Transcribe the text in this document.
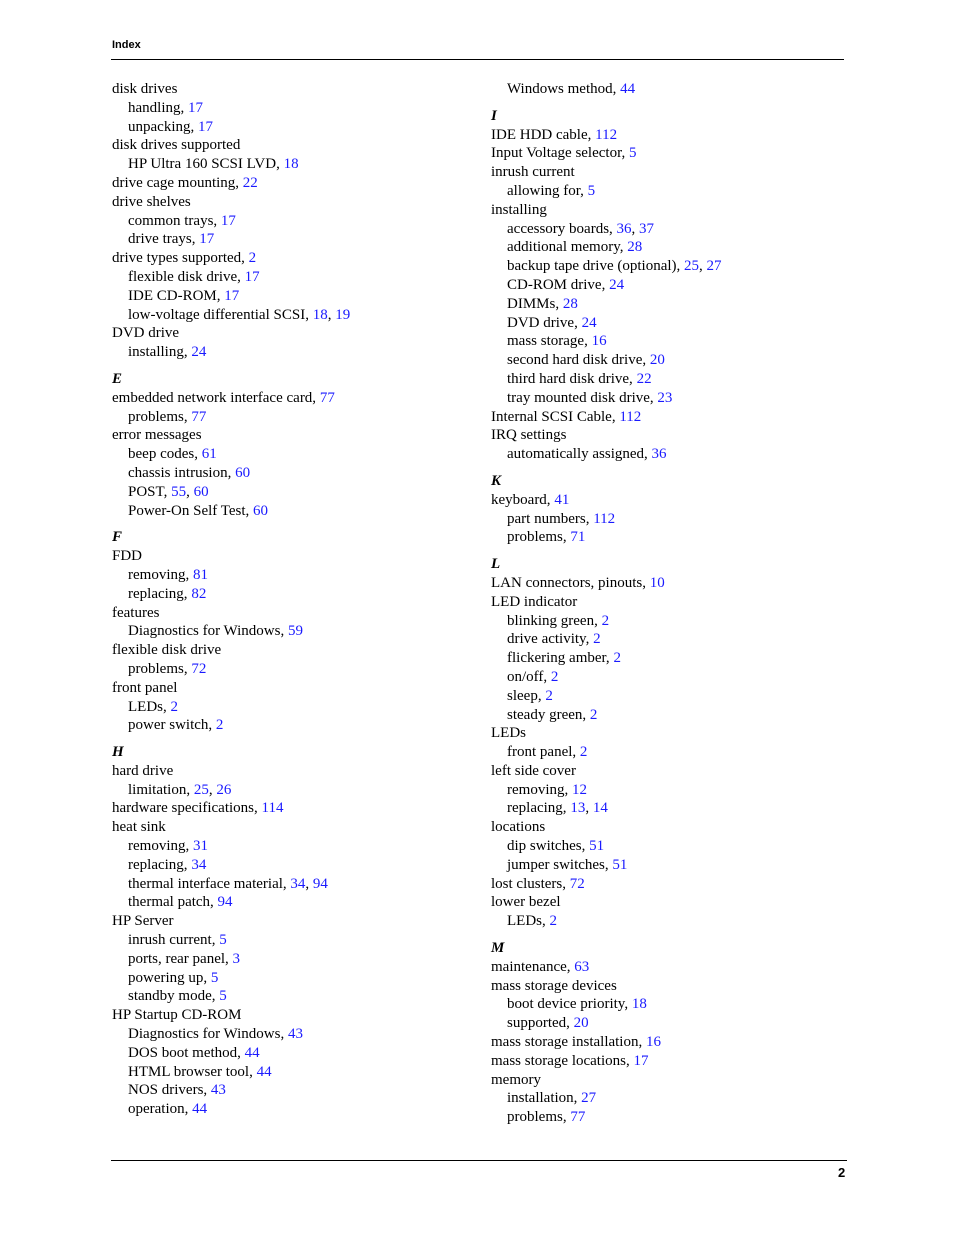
Index
disk drives
handling, 17
unpacking, 17
disk drives supported
HP Ultra 160 SCSI LVD, 18
drive cage mounting, 22
drive shelves
common trays, 17
drive trays, 17
drive types supported, 2
flexible disk drive, 17
IDE CD-ROM, 17
low-voltage differential SCSI, 18, 19
DVD drive
installing, 24
E
embedded network interface card, 77
problems, 77
error messages
beep codes, 61
chassis intrusion, 60
POST, 55, 60
Power-On Self Test, 60
F
FDD
removing, 81
replacing, 82
features
Diagnostics for Windows, 59
flexible disk drive
problems, 72
front panel
LEDs, 2
power switch, 2
H
hard drive
limitation, 25, 26
hardware specifications, 114
heat sink
removing, 31
replacing, 34
thermal interface material, 34, 94
thermal patch, 94
HP Server
inrush current, 5
ports, rear panel, 3
powering up, 5
standby mode, 5
HP Startup CD-ROM
Diagnostics for Windows, 43
DOS boot method, 44
HTML browser tool, 44
NOS drivers, 43
operation, 44
Windows method, 44
I
IDE HDD cable, 112
Input Voltage selector, 5
inrush current
allowing for, 5
installing
accessory boards, 36, 37
additional memory, 28
backup tape drive (optional), 25, 27
CD-ROM drive, 24
DIMMs, 28
DVD drive, 24
mass storage, 16
second hard disk drive, 20
third hard disk drive, 22
tray mounted disk drive, 23
Internal SCSI Cable, 112
IRQ settings
automatically assigned, 36
K
keyboard, 41
part numbers, 112
problems, 71
L
LAN connectors, pinouts, 10
LED indicator
blinking green, 2
drive activity, 2
flickering amber, 2
on/off, 2
sleep, 2
steady green, 2
LEDs
front panel, 2
left side cover
removing, 12
replacing, 13, 14
locations
dip switches, 51
jumper switches, 51
lost clusters, 72
lower bezel
LEDs, 2
M
maintenance, 63
mass storage devices
boot device priority, 18
supported, 20
mass storage installation, 16
mass storage locations, 17
memory
installation, 27
problems, 77
2
